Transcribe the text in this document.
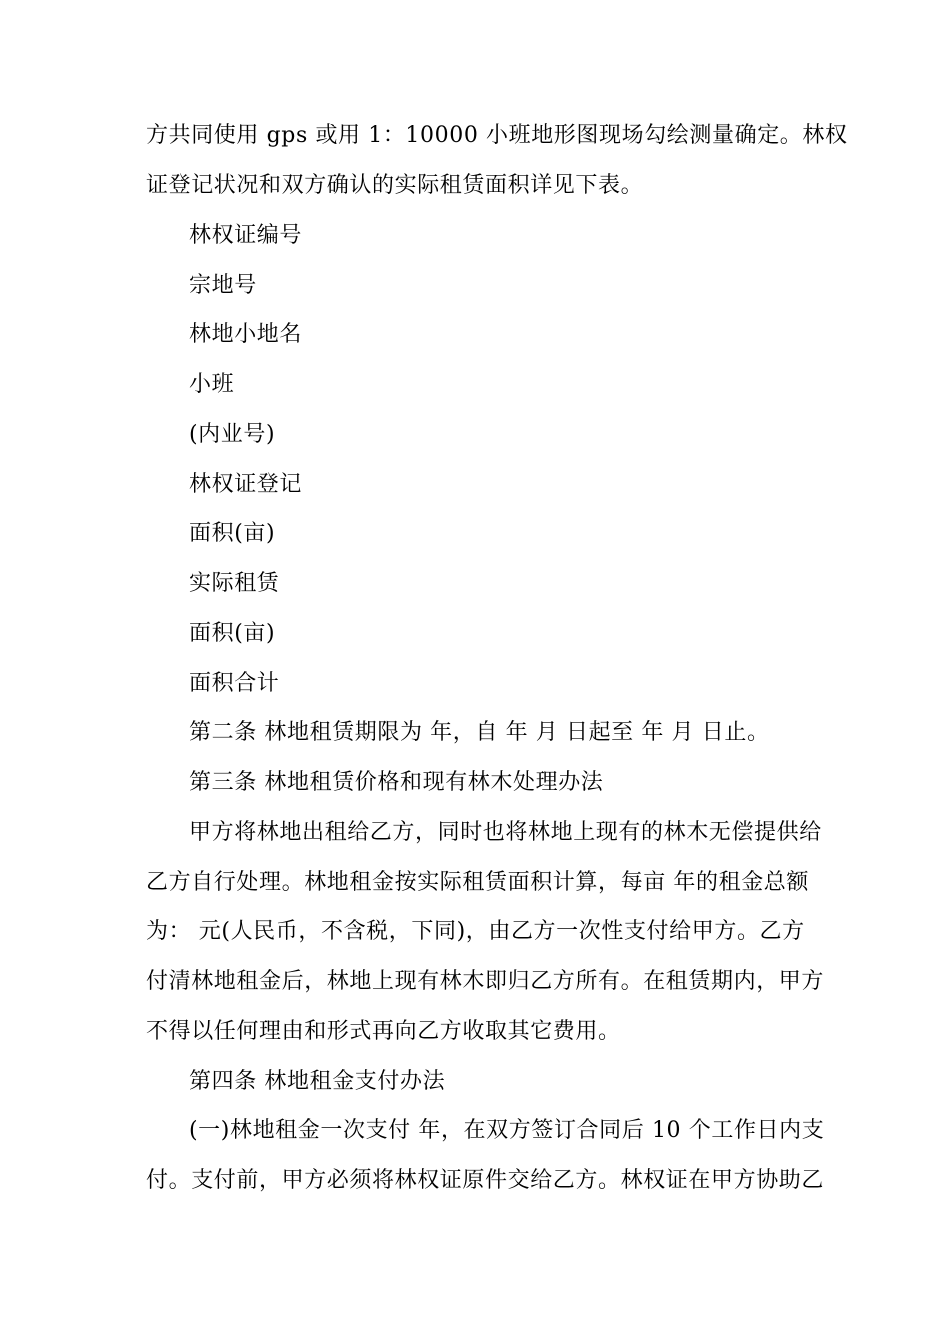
方共同使用 gps 或用 1：10000 小班地形图现场勾绘测量确定。林权
证登记状况和双方确认的实际租赁面积详见下表。
林权证编号
宗地号
林地小地名
小班
(内业号)
林权证登记
面积(亩)
实际租赁
面积(亩)
面积合计
第二条 林地租赁期限为 年，自 年 月 日起至 年 月 日止。
第三条 林地租赁价格和现有林木处理办法
甲方将林地出租给乙方，同时也将林地上现有的林木无偿提供给
乙方自行处理。林地租金按实际租赁面积计算，每亩 年的租金总额
为： 元(人民币，不含税，下同)，由乙方一次性支付给甲方。乙方
付清林地租金后，林地上现有林木即归乙方所有。在租赁期内，甲方
不得以任何理由和形式再向乙方收取其它费用。
第四条 林地租金支付办法
(一)林地租金一次支付 年，在双方签订合同后 10 个工作日内支
付。支付前，甲方必须将林权证原件交给乙方。林权证在甲方协助乙
